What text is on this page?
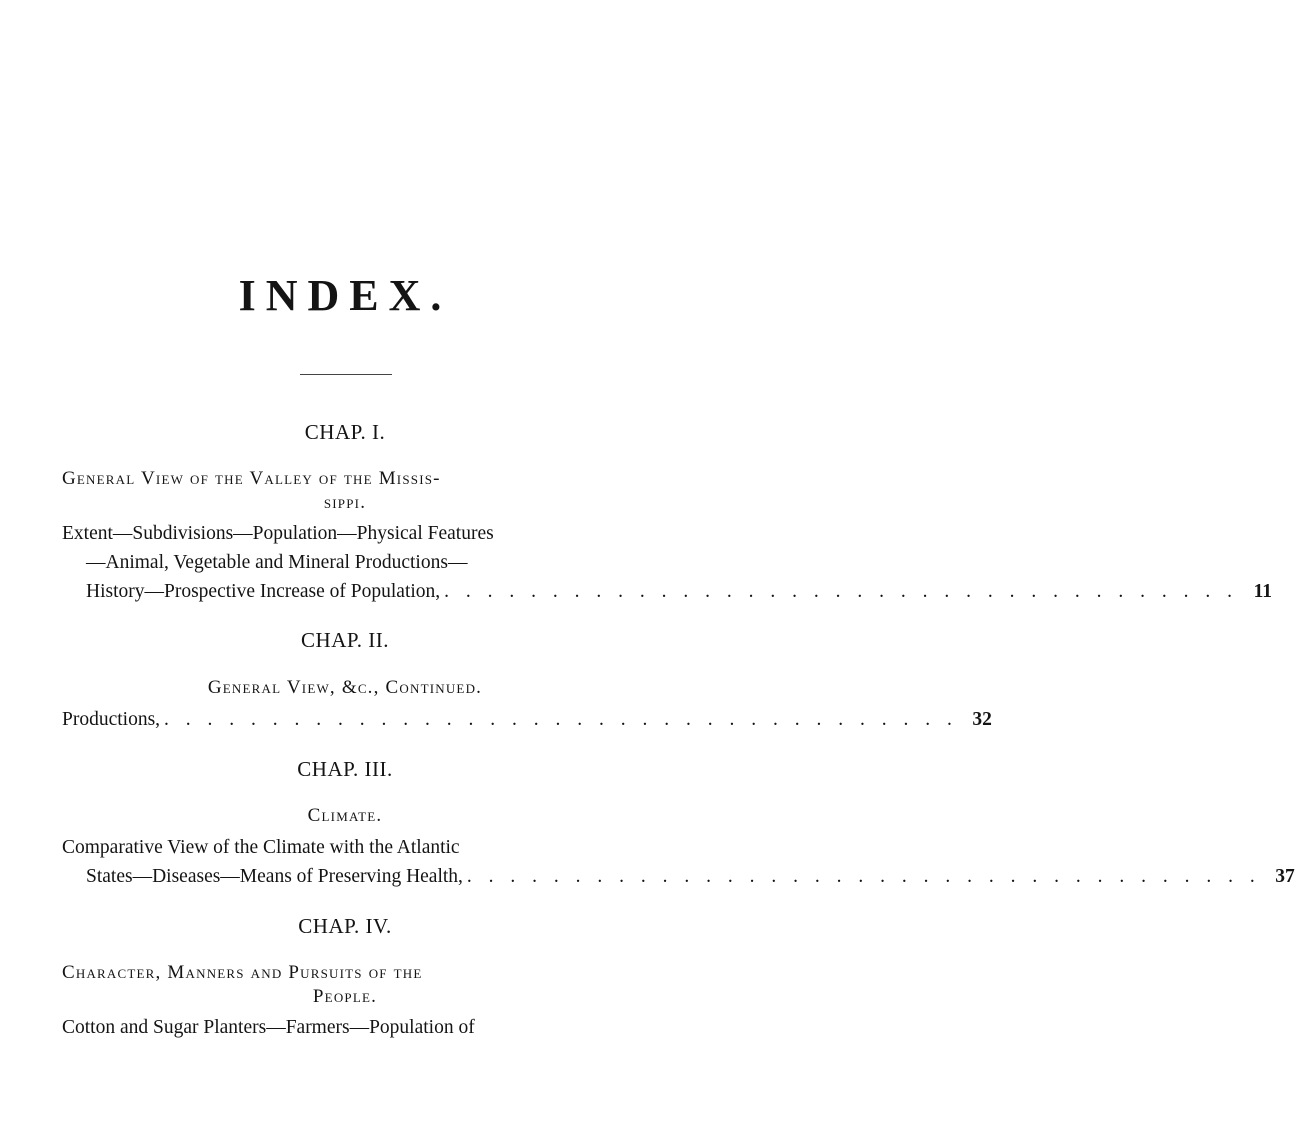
INDEX.
CHAP. I.
General View of the Valley of the Missis-
sippi.
Extent—Subdivisions—Population—Physical Features
—Animal, Vegetable and Mineral Productions—
History—Prospective Increase of Population, . . . . . . . . . . . . . . . . . . . . . . . . . . . . . . . . . . . . . 11
CHAP. II.
General View, &c., Continued.
Productions, . . . . . . . . . . . . . . . . . . . . . . . . . . . . . . . . . . . . . 32
CHAP. III.
Climate.
Comparative View of the Climate with the Atlantic
States—Diseases—Means of Preserving Health, . . . . . . . . . . . . . . . . . . . . . . . . . . . . . . . . . . . . . 37
CHAP. IV.
Character, Manners and Pursuits of the
People.
Cotton and Sugar Planters—Farmers—Population of
